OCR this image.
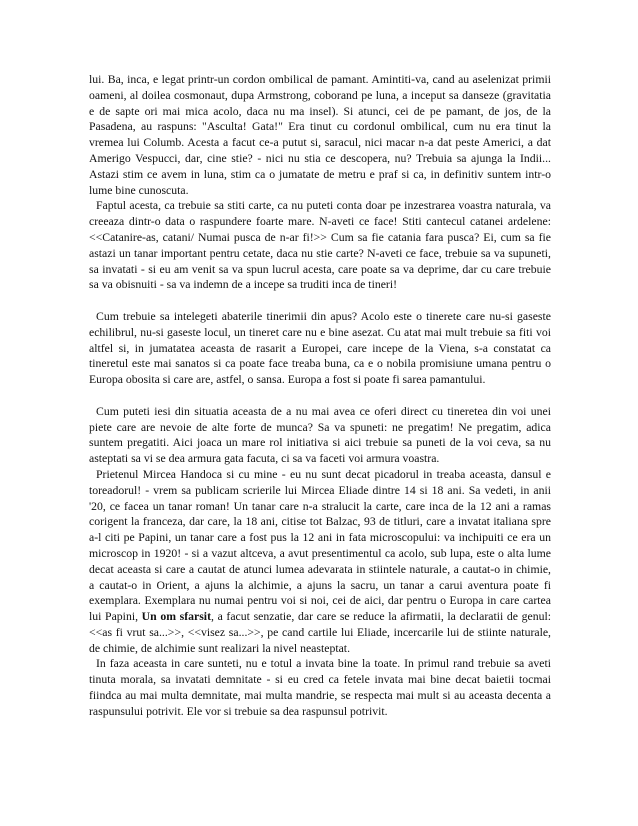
lui. Ba, inca, e legat printr-un cordon ombilical de pamant. Amintiti-va, cand au aselenizat primii oameni, al doilea cosmonaut, dupa Armstrong, coborand pe luna, a inceput sa danseze (gravitatia e de sapte ori mai mica acolo, daca nu ma insel). Si atunci, cei de pe pamant, de jos, de la Pasadena, au raspuns: "Asculta! Gata!" Era tinut cu cordonul ombilical, cum nu era tinut la vremea lui Columb. Acesta a facut ce-a putut si, saracul, nici macar n-a dat peste Americi, a dat Amerigo Vespucci, dar, cine stie? - nici nu stia ce descopera, nu? Trebuia sa ajunga la Indii... Astazi stim ce avem in luna, stim ca o jumatate de metru e praf si ca, in definitiv suntem intr-o lume bine cunoscuta.

Faptul acesta, ca trebuie sa stiti carte, ca nu puteti conta doar pe inzestrarea voastra naturala, va creeaza dintr-o data o raspundere foarte mare. N-aveti ce face! Stiti cantecul catanei ardelene: <<Catanire-as, catani/ Numai pusca de n-ar fi!>> Cum sa fie catania fara pusca? Ei, cum sa fie astazi un tanar important pentru cetate, daca nu stie carte? N-aveti ce face, trebuie sa va supuneti, sa invatati - si eu am venit sa va spun lucrul acesta, care poate sa va deprime, dar cu care trebuie sa va obisnuiti - sa va indemn de a incepe sa truditi inca de tineri!

Cum trebuie sa intelegeti abaterile tinerimii din apus? Acolo este o tinerete care nu-si gaseste echilibrul, nu-si gaseste locul, un tineret care nu e bine asezat. Cu atat mai mult trebuie sa fiti voi altfel si, in jumatatea aceasta de rasarit a Europei, care incepe de la Viena, s-a constatat ca tineretul este mai sanatos si ca poate face treaba buna, ca e o nobila promisiune umana pentru o Europa obosita si care are, astfel, o sansa. Europa a fost si poate fi sarea pamantului.

Cum puteti iesi din situatia aceasta de a nu mai avea ce oferi direct cu tineretea din voi unei piete care are nevoie de alte forte de munca? Sa va spuneti: ne pregatim! Ne pregatim, adica suntem pregatiti. Aici joaca un mare rol initiativa si aici trebuie sa puneti de la voi ceva, sa nu asteptati sa vi se dea armura gata facuta, ci sa va faceti voi armura voastra.

Prietenul Mircea Handoca si cu mine - eu nu sunt decat picadorul in treaba aceasta, dansul e toreadorul! - vrem sa publicam scrierile lui Mircea Eliade dintre 14 si 18 ani. Sa vedeti, in anii '20, ce facea un tanar roman! Un tanar care n-a stralucit la carte, care inca de la 12 ani a ramas corigent la franceza, dar care, la 18 ani, citise tot Balzac, 93 de titluri, care a invatat italiana spre a-l citi pe Papini, un tanar care a fost pus la 12 ani in fata microscopului: va inchipuiti ce era un microscop in 1920! - si a vazut altceva, a avut presentimentul ca acolo, sub lupa, este o alta lume decat aceasta si care a cautat de atunci lumea adevarata in stiintele naturale, a cautat-o in chimie, a cautat-o in Orient, a ajuns la alchimie, a ajuns la sacru, un tanar a carui aventura poate fi exemplara. Exemplara nu numai pentru voi si noi, cei de aici, dar pentru o Europa in care cartea lui Papini, Un om sfarsit, a facut senzatie, dar care se reduce la afirmatii, la declaratii de genul: <<as fi vrut sa...>>, <<visez sa...>>, pe cand cartile lui Eliade, incercarile lui de stiinte naturale, de chimie, de alchimie sunt realizari la nivel neasteptat.

In faza aceasta in care sunteti, nu e totul a invata bine la toate. In primul rand trebuie sa aveti tinuta morala, sa invatati demnitate - si eu cred ca fetele invata mai bine decat baietii tocmai fiindca au mai multa demnitate, mai multa mandrie, se respecta mai mult si au aceasta decenta a raspunsului potrivit. Ele vor si trebuie sa dea raspunsul potrivit.
